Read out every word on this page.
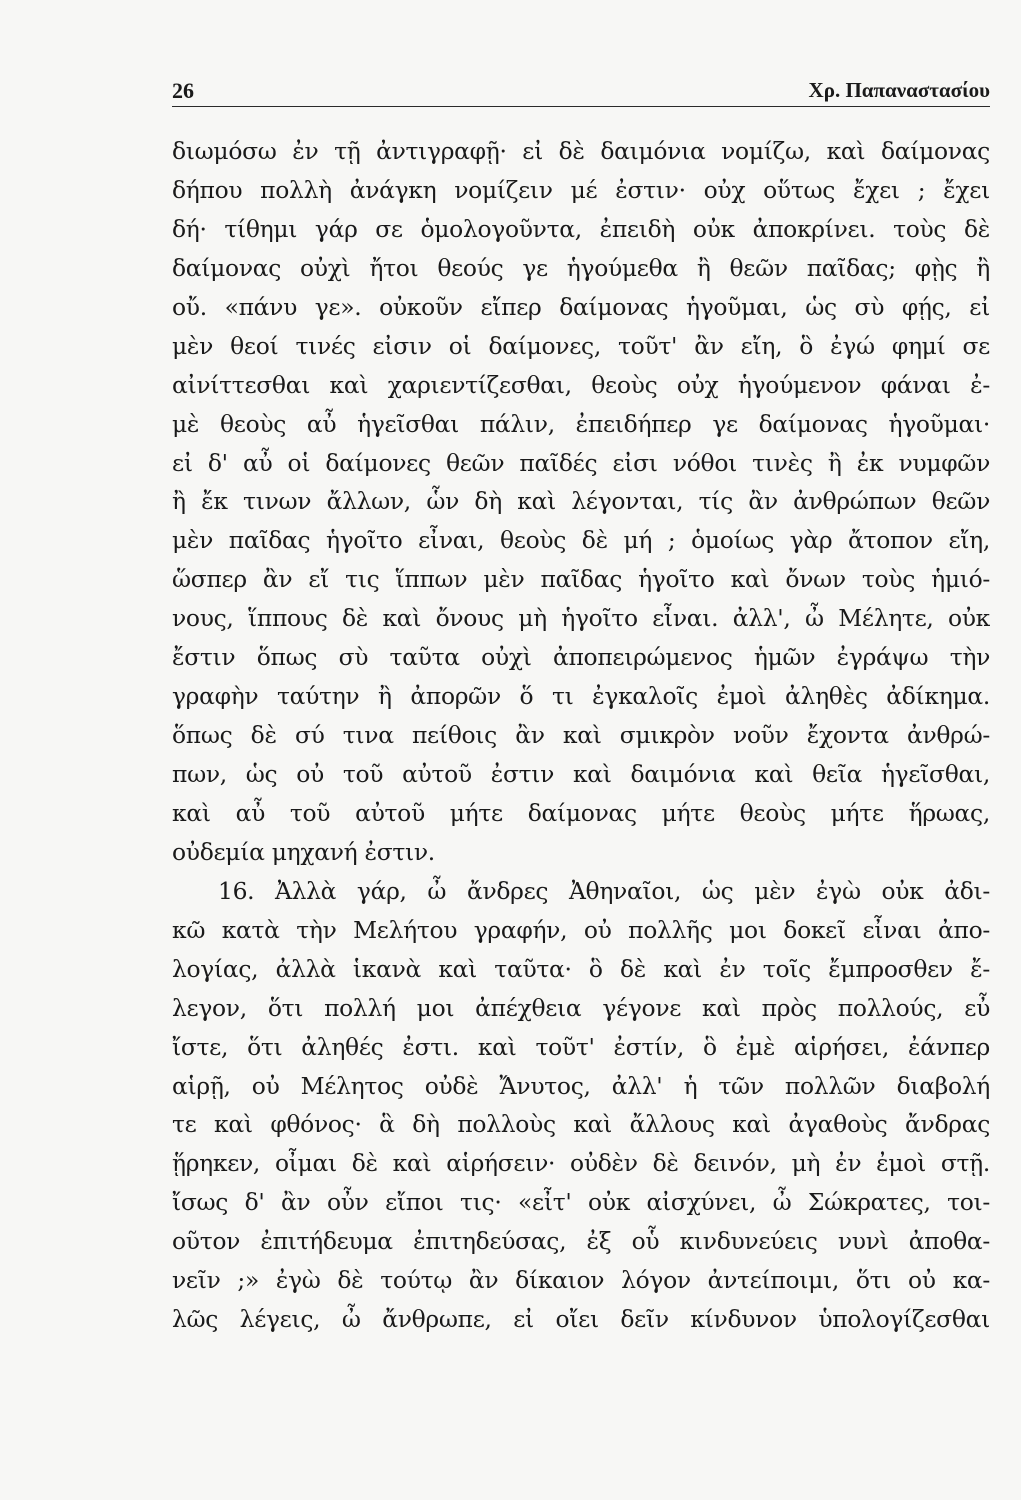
26	Χρ. Παπαναστασίου
διωμόσω ἐν τῇ ἀντιγραφῇ· εἰ δὲ δαιμόνια νομίζω, καὶ δαίμονας
δήπου πολλὴ ἀνάγκη νομίζειν μέ ἐστιν· οὐχ οὕτως ἔχει ; ἔχει
δή· τίθημι γάρ σε ὁμολογοῦντα, ἐπειδὴ οὐκ ἀποκρίνει. τοὺς δὲ
δαίμονας οὐχὶ ἤτοι θεούς γε ἡγούμεθα ἢ θεῶν παῖδας; φῂς ἢ
οὔ. «πάνυ γε». οὐκοῦν εἴπερ δαίμονας ἡγοῦμαι, ὡς σὺ φῄς, εἰ
μὲν θεοί τινές εἰσιν οἱ δαίμονες, τοῦτ' ἂν εἴη, ὃ ἐγώ φημί σε
αἰνίττεσθαι καὶ χαριεντίζεσθαι, θεοὺς οὐχ ἡγούμενον φάναι ἐ-
μὲ θεοὺς αὖ ἡγεῖσθαι πάλιν, ἐπειδήπερ γε δαίμονας ἡγοῦμαι·
εἰ δ' αὖ οἱ δαίμονες θεῶν παῖδές εἰσι νόθοι τινὲς ἢ ἐκ νυμφῶν
ἢ ἔκ τινων ἄλλων, ὧν δὴ καὶ λέγονται, τίς ἂν ἀνθρώπων θεῶν
μὲν παῖδας ἡγοῖτο εἶναι, θεοὺς δὲ μή ; ὁμοίως γὰρ ἄτοπον εἴη,
ὥσπερ ἂν εἴ τις ἵππων μὲν παῖδας ἡγοῖτο καὶ ὄνων τοὺς ἡμιό-
νους, ἵππους δὲ καὶ ὄνους μὴ ἡγοῖτο εἶναι. ἀλλ', ὦ Μέλητε, οὐκ
ἔστιν ὅπως σὺ ταῦτα οὐχὶ ἀποπειρώμενος ἡμῶν ἐγράψω τὴν
γραφὴν ταύτην ἢ ἀπορῶν ὅ τι ἐγκαλοῖς ἐμοὶ ἀληθὲς ἀδίκημα.
ὅπως δὲ σύ τινα πείθοις ἂν καὶ σμικρὸν νοῦν ἔχοντα ἀνθρώ-
πων, ὡς οὐ τοῦ αὐτοῦ ἐστιν καὶ δαιμόνια καὶ θεῖα ἡγεῖσθαι,
καὶ αὖ τοῦ αὐτοῦ μήτε δαίμονας μήτε θεοὺς μήτε ἥρωας,
οὐδεμία μηχανή ἐστιν.
16. Ἀλλὰ γάρ, ὦ ἄνδρες Ἀθηναῖοι, ὡς μὲν ἐγὼ οὐκ ἀδι-
κῶ κατὰ τὴν Μελήτου γραφήν, οὐ πολλῆς μοι δοκεῖ εἶναι ἀπο-
λογίας, ἀλλὰ ἱκανὰ καὶ ταῦτα· ὃ δὲ καὶ ἐν τοῖς ἔμπροσθεν ἔ-
λεγον, ὅτι πολλή μοι ἀπέχθεια γέγονε καὶ πρὸς πολλούς, εὖ
ἴστε, ὅτι ἀληθές ἐστι. καὶ τοῦτ' ἐστίν, ὃ ἐμὲ αἱρήσει, ἐάνπερ
αἱρῇ, οὐ Μέλητος οὐδὲ Ἄνυτος, ἀλλ' ἡ τῶν πολλῶν διαβολή
τε καὶ φθόνος· ἃ δὴ πολλοὺς καὶ ἄλλους καὶ ἀγαθοὺς ἄνδρας
ᾕρηκεν, οἶμαι δὲ καὶ αἱρήσειν· οὐδὲν δὲ δεινόν, μὴ ἐν ἐμοὶ στῇ.
ἴσως δ' ἂν οὖν εἴποι τις· «εἶτ' οὐκ αἰσχύνει, ὦ Σώκρατες, τοι-
οῦτον ἐπιτήδευμα ἐπιτηδεύσας, ἐξ οὗ κινδυνεύεις νυνὶ ἀποθα-
νεῖν ;» ἐγὼ δὲ τούτῳ ἂν δίκαιον λόγον ἀντείποιμι, ὅτι οὐ κα-
λῶς λέγεις, ὦ ἄνθρωπε, εἰ οἴει δεῖν κίνδυνον ὑπολογίζεσθαι
